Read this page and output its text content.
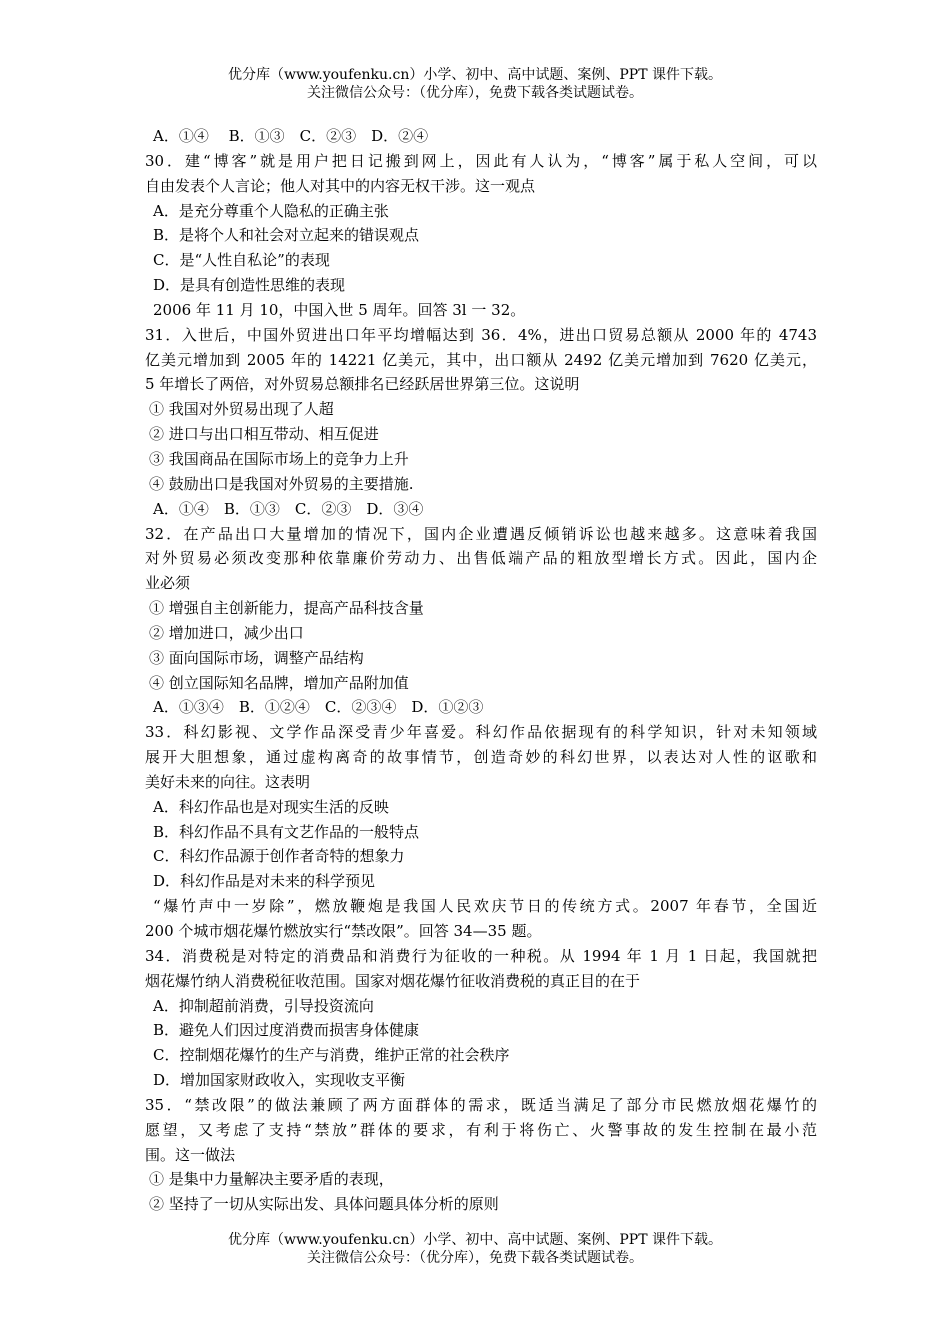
优分库（www.youfenku.cn）小学、初中、高中试题、案例、PPT 课件下载。
关注微信公众号：（优分库），免费下载各类试题试卷。
A．①④　 B．①③　C．②③　D．②④
30．建“博客”就是用户把日记搬到网上，因此有人认为，“博客”属于私人空间，可以
自由发表个人言论；他人对其中的内容无权干涉。这一观点
A．是充分尊重个人隐私的正确主张
B．是将个人和社会对立起来的错误观点
C．是“人性自私论”的表现
D．是具有创造性思维的表现
2006 年 11 月 10，中国入世 5 周年。回答 3l 一 32。
31．入世后，中国外贸进出口年平均增幅达到 36．4%，进出口贸易总额从 2000 年的 4743
亿美元增加到 2005 年的 14221 亿美元，其中，出口额从 2492 亿美元增加到 7620 亿美元，
5 年增长了两倍，对外贸易总额排名已经跃居世界第三位。这说明
① 我国对外贸易出现了人超
② 进口与出口相互带动、相互促进
③ 我国商品在国际市场上的竞争力上升
④ 鼓励出口是我国对外贸易的主要措施.
A．①④　B．①③　C．②③　D．③④
32．在产品出口大量增加的情况下，国内企业遭遇反倾销诉讼也越来越多。这意味着我国
对外贸易必须改变那种依靠廉价劳动力、出售低端产品的粗放型增长方式。因此，国内企
业必须
① 增强自主创新能力，提高产品科技含量
② 增加进口，减少出口
③ 面向国际市场，调整产品结构
④ 创立国际知名品牌，增加产品附加值
A．①③④　B．①②④　C．②③④　D．①②③
33．科幻影视、文学作品深受青少年喜爱。科幻作品依据现有的科学知识，针对未知领域
展开大胆想象，通过虚构离奇的故事情节，创造奇妙的科幻世界，以表达对人性的讴歌和
美好未来的向往。这表明
A．科幻作品也是对现实生活的反映
B．科幻作品不具有文艺作品的一般特点
C．科幻作品源于创作者奇特的想象力
D．科幻作品是对未来的科学预见
“爆竹声中一岁除”，燃放鞭炮是我国人民欢庆节日的传统方式。2007 年春节，全国近
200 个城市烟花爆竹燃放实行“禁改限”。回答 34—35 题。
34．消费税是对特定的消费品和消费行为征收的一种税。从 1994 年 1 月 1 日起，我国就把
烟花爆竹纳人消费税征收范围。国家对烟花爆竹征收消费税的真正目的在于
A．抑制超前消费，引导投资流向
B．避免人们因过度消费而损害身体健康
C．控制烟花爆竹的生产与消费，维护正常的社会秩序
D．增加国家财政收入，实现收支平衡
35．“禁改限”的做法兼顾了两方面群体的需求，既适当满足了部分市民燃放烟花爆竹的
愿望，又考虑了支持“禁放”群体的要求，有利于将伤亡、火警事故的发生控制在最小范
围。这一做法
① 是集中力量解决主要矛盾的表现，
② 坚持了一切从实际出发、具体问题具体分析的原则
优分库（www.youfenku.cn）小学、初中、高中试题、案例、PPT 课件下载。
关注微信公众号：（优分库），免费下载各类试题试卷。
